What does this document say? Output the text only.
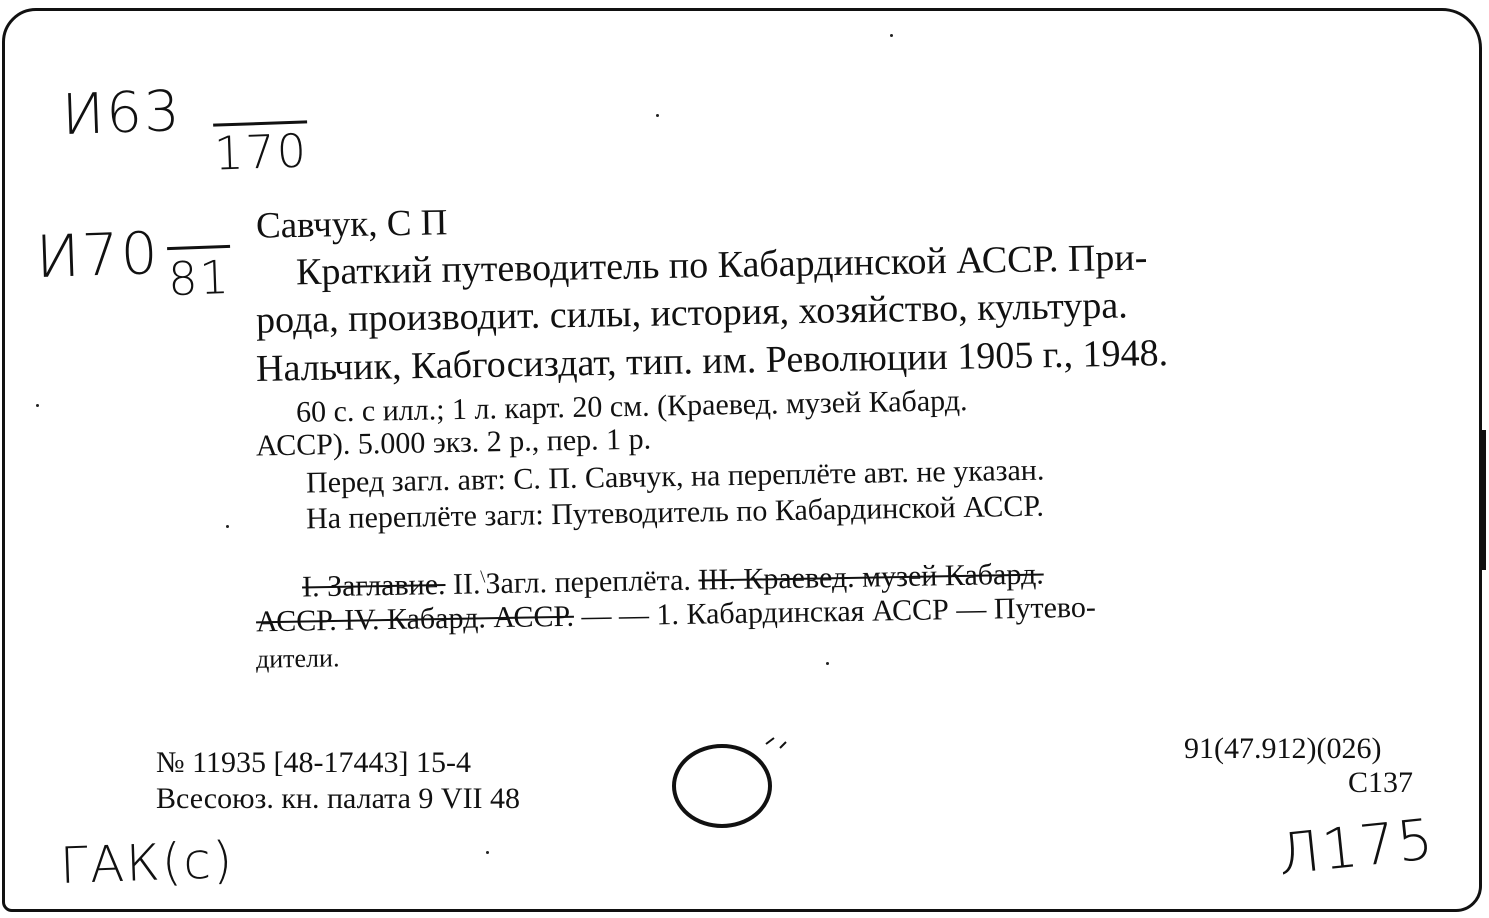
И63
170
И70 81
ГАК(с)	Л175
Савчук, С П
Краткий путеводитель по Кабардинской АССР. При-
рода, производит. силы, история, хозяйство, культура.
Нальчик, Кабгосиздат, тип. им. Революции 1905 г., 1948.
60 с. с илл.; 1 л. карт. 20 см. (Краевед. музей Кабард.
АССР). 5.000 экз. 2 р., пер. 1 р.
Перед загл. авт: С. П. Савчук, на переплёте авт. не указан.
На переплёте загл: Путеводитель по Кабардинской АССР.
I. Заглавие. II.\Загл. переплёта. III. Краевед. музей Кабард.
АССР. IV. Кабард. АССР. — — 1. Кабардинская АССР — Путево-
дители.
№ 11935 [48-17443] 15-4
Всесоюз. кн. палата 9 VII 48
91(47.912)(026)
С137
